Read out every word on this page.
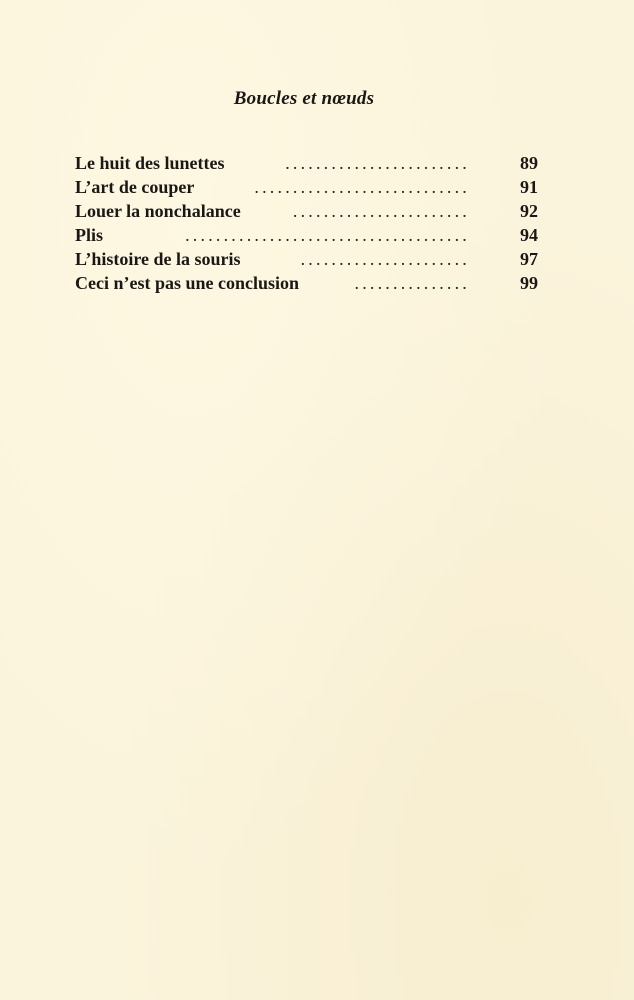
Boucles et nœuds
Le huit des lunettes	........................	89
L’art de couper	............................	91
Louer la nonchalance	.......................	92
Plis	.....................................	94
L’histoire de la souris	......................	97
Ceci n’est pas une conclusion	...............	99
